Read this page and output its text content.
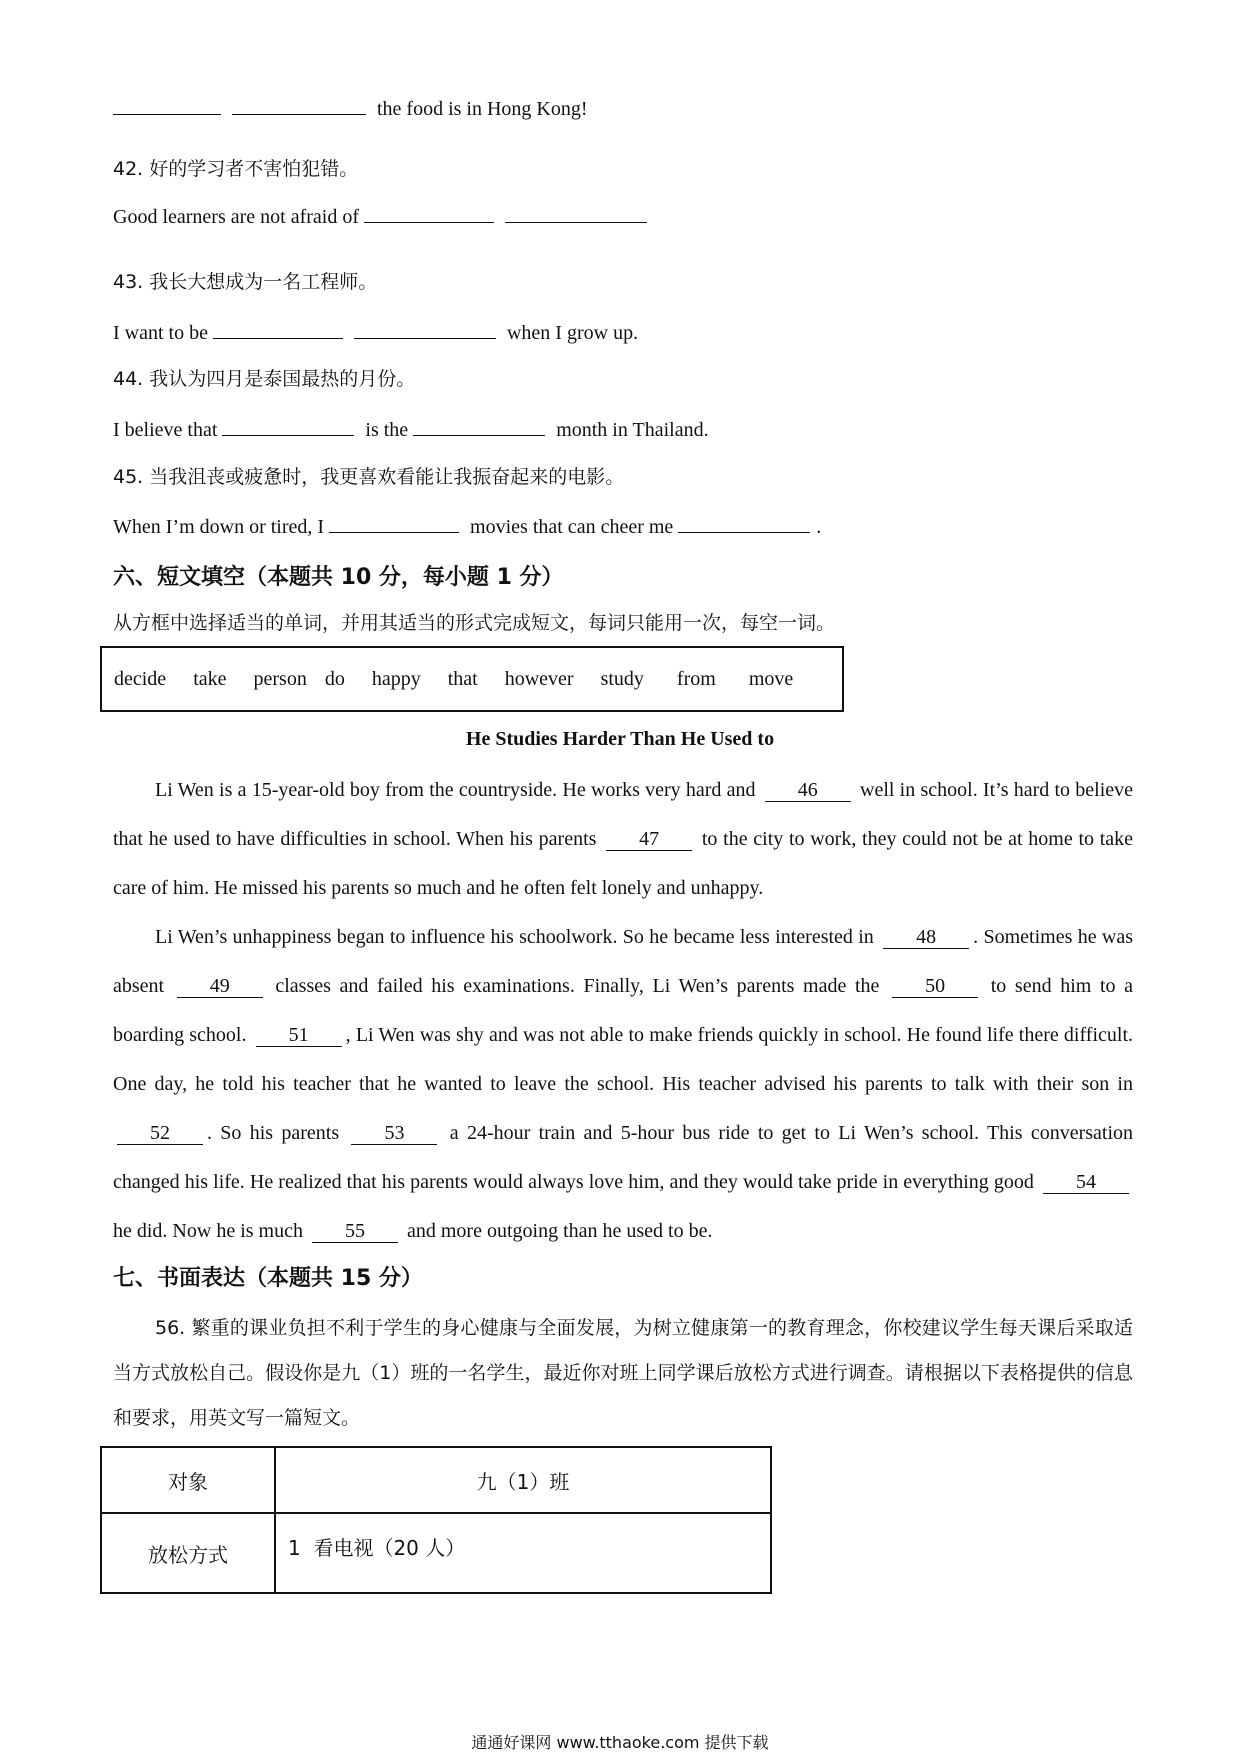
the food is in Hong Kong!
42. 好的学习者不害怕犯错。
Good learners are not afraid of
43. 我长大想成为一名工程师。
I want to be	when I grow up.
44. 我认为四月是泰国最热的月份。
I believe that	is the	month in Thailand.
45. 当我沮丧或疲惫时，我更喜欢看能让我振奋起来的电影。
When I’m down or tired, I	movies that can cheer me	.
六、短文填空（本题共 10 分，每小题 1 分）
从方框中选择适当的单词，并用其适当的形式完成短文，每词只能用一次，每空一词。
decide take person do happy that however study from move
He Studies Harder Than He Used to
Li Wen is a 15-year-old boy from the countryside. He works very hard and 46 well in school. It’s hard to believe that he used to have difficulties in school. When his parents 47 to the city to work, they could not be at home to take care of him. He missed his parents so much and he often felt lonely and unhappy.
Li Wen’s unhappiness began to influence his schoolwork. So he became less interested in 48 . Sometimes he was absent 49 classes and failed his examinations. Finally, Li Wen’s parents made the 50 to send him to a boarding school. 51 , Li Wen was shy and was not able to make friends quickly in school. He found life there difficult. One day, he told his teacher that he wanted to leave the school. His teacher advised his parents to talk with their son in 52 . So his parents 53 a 24-hour train and 5-hour bus ride to get to Li Wen’s school. This conversation changed his life. He realized that his parents would always love him, and they would take pride in everything good 54 he did. Now he is much 55 and more outgoing than he used to be.
七、书面表达（本题共 15 分）
56. 繁重的课业负担不利于学生的身心健康与全面发展，为树立健康第一的教育理念，你校建议学生每天课后采取适当方式放松自己。假设你是九（1）班的一名学生，最近你对班上同学课后放松方式进行调查。请根据以下表格提供的信息和要求，用英文写一篇短文。
对象	九（1）班
放松方式	1  看电视（20 人）
通通好课网 www.tthaoke.com 提供下载
